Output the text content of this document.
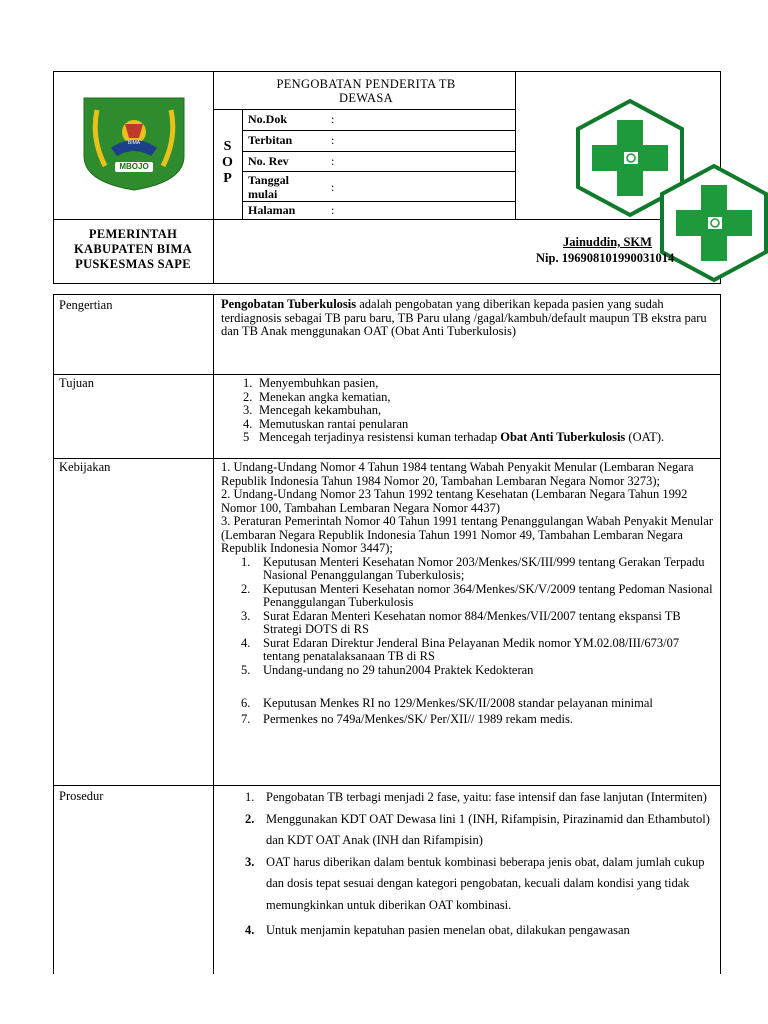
MBOJO
BIMA
PENGOBATAN PENDERITA TB DEWASA
S
O
P
No.Dok	:
Terbitan	:
No. Rev	:
Tanggal mulai	:
Halaman	:
PEMERINTAH
KABUPATEN BIMA
PUSKESMAS SAPE
Jainuddin, SKM
Nip. 196908101990031014
Pengertian	Pengobatan Tuberkulosis adalah pengobatan yang diberikan kepada pasien yang sudah terdiagnosis sebagai TB paru baru, TB Paru ulang /gagal/kambuh/default maupun TB ekstra paru dan TB Anak menggunakan OAT (Obat Anti Tuberkulosis)
Tujuan	1. Menyembuhkan pasien,
2. Menekan angka kematian,
3. Mencegah kekambuhan,
4. Memutuskan rantai penularan
5 Mencegah terjadinya resistensi kuman terhadap Obat Anti Tuberkulosis (OAT).
Kebijakan	1. Undang-Undang Nomor 4 Tahun 1984 tentang Wabah Penyakit Menular (Lembaran Negara Republik Indonesia Tahun 1984 Nomor 20, Tambahan Lembaran Negara Nomor 3273);
2. Undang-Undang Nomor 23 Tahun 1992 tentang Kesehatan (Lembaran Negara Tahun 1992 Nomor 100, Tambahan Lembaran Negara Nomor 4437)
3. Peraturan Pemerintah Nomor 40 Tahun 1991 tentang Penanggulangan Wabah Penyakit Menular (Lembaran Negara Republik Indonesia Tahun 1991 Nomor 49, Tambahan Lembaran Negara Republik Indonesia Nomor 3447);
1. Keputusan Menteri Kesehatan Nomor 203/Menkes/SK/III/999 tentang Gerakan Terpadu Nasional Penanggulangan Tuberkulosis;
2. Keputusan Menteri Kesehatan nomor 364/Menkes/SK/V/2009 tentang Pedoman Nasional Penanggulangan Tuberkulosis
3. Surat Edaran Menteri Kesehatan nomor 884/Menkes/VII/2007 tentang ekspansi TB Strategi DOTS di RS
4. Surat Edaran Direktur Jenderal Bina Pelayanan Medik nomor YM.02.08/III/673/07 tentang penatalaksanaan TB di RS
5. Undang-undang no 29 tahun2004 Praktek Kedokteran
6. Keputusan Menkes RI no 129/Menkes/SK/II/2008 standar pelayanan minimal
7. Permenkes no 749a/Menkes/SK/ Per/XII// 1989 rekam medis.
Prosedur	1. Pengobatan TB terbagi menjadi 2 fase, yaitu: fase intensif dan fase lanjutan (Intermiten)
2. Menggunakan KDT OAT Dewasa lini 1 (INH, Rifampisin, Pirazinamid dan Ethambutol) dan KDT OAT Anak (INH dan Rifampisin)
3. OAT harus diberikan dalam bentuk kombinasi beberapa jenis obat, dalam jumlah cukup dan dosis tepat sesuai dengan kategori pengobatan, kecuali dalam kondisi yang tidak memungkinkan untuk diberikan OAT kombinasi.
4. Untuk menjamin kepatuhan pasien menelan obat, dilakukan pengawasan
